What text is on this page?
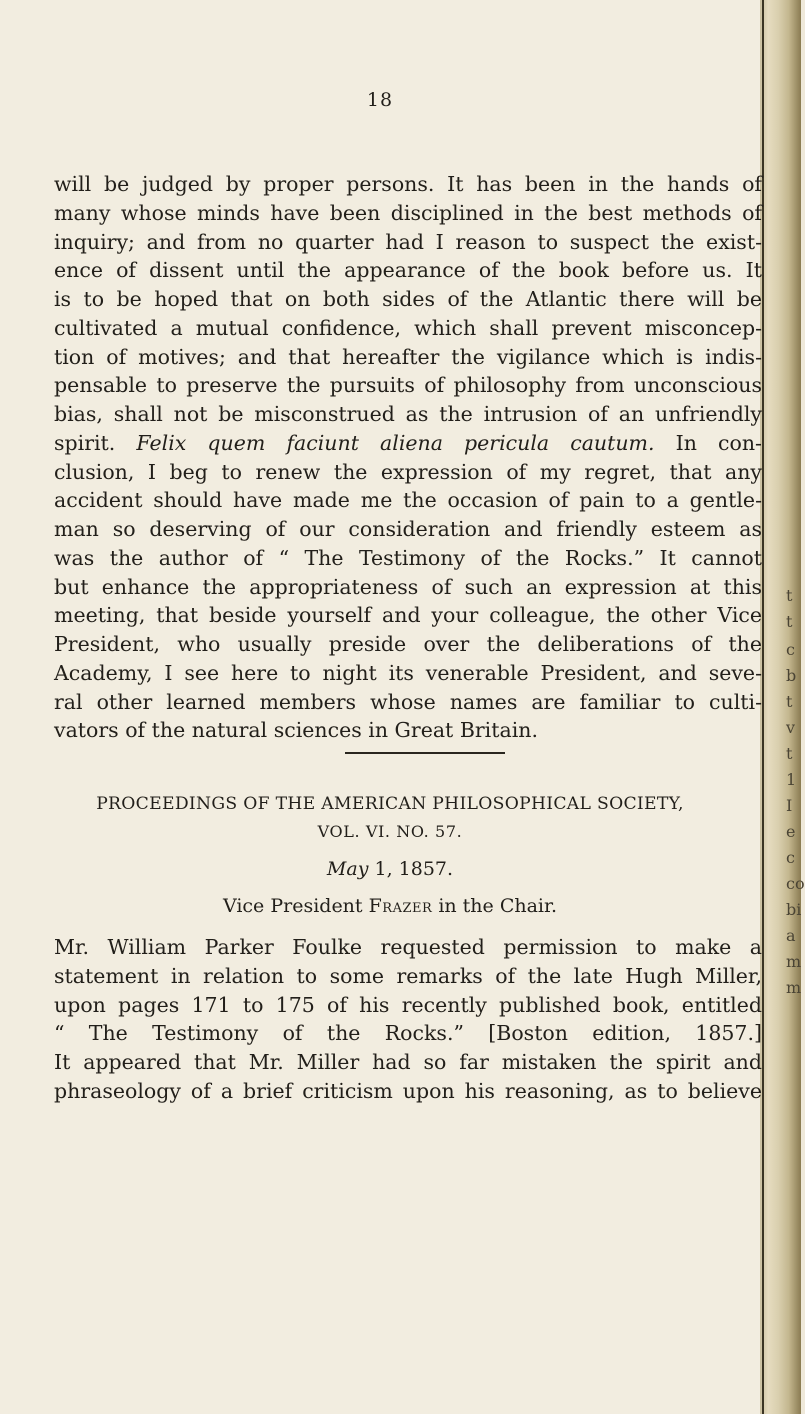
t
t
c
b
t
v
t
1
I
e
c
co
bi
a
m
m
18
will be judged by proper persons. It has been in the hands of
many whose minds have been disciplined in the best methods of
inquiry; and from no quarter had I reason to suspect the exist-
ence of dissent until the appearance of the book before us. It
is to be hoped that on both sides of the Atlantic there will be
cultivated a mutual confidence, which shall prevent misconcep-
tion of motives; and that hereafter the vigilance which is indis-
pensable to preserve the pursuits of philosophy from unconscious
bias, shall not be misconstrued as the intrusion of an unfriendly
spirit. Felix quem faciunt aliena pericula cautum. In con-
clusion, I beg to renew the expression of my regret, that any
accident should have made me the occasion of pain to a gentle-
man so deserving of our consideration and friendly esteem as
was the author of “ The Testimony of the Rocks.” It cannot
but enhance the appropriateness of such an expression at this
meeting, that beside yourself and your colleague, the other Vice
President, who usually preside over the deliberations of the
Academy, I see here to night its venerable President, and seve-
ral other learned members whose names are familiar to culti-
vators of the natural sciences in Great Britain.
PROCEEDINGS OF THE AMERICAN PHILOSOPHICAL SOCIETY,
VOL. VI. NO. 57.
May 1, 1857.
Vice President Frazer in the Chair.
Mr. William Parker Foulke requested permission to make a
statement in relation to some remarks of the late Hugh Miller,
upon pages 171 to 175 of his recently published book, entitled
“ The Testimony of the Rocks.” [Boston edition, 1857.]
It appeared that Mr. Miller had so far mistaken the spirit and
phraseology of a brief criticism upon his reasoning, as to believe
